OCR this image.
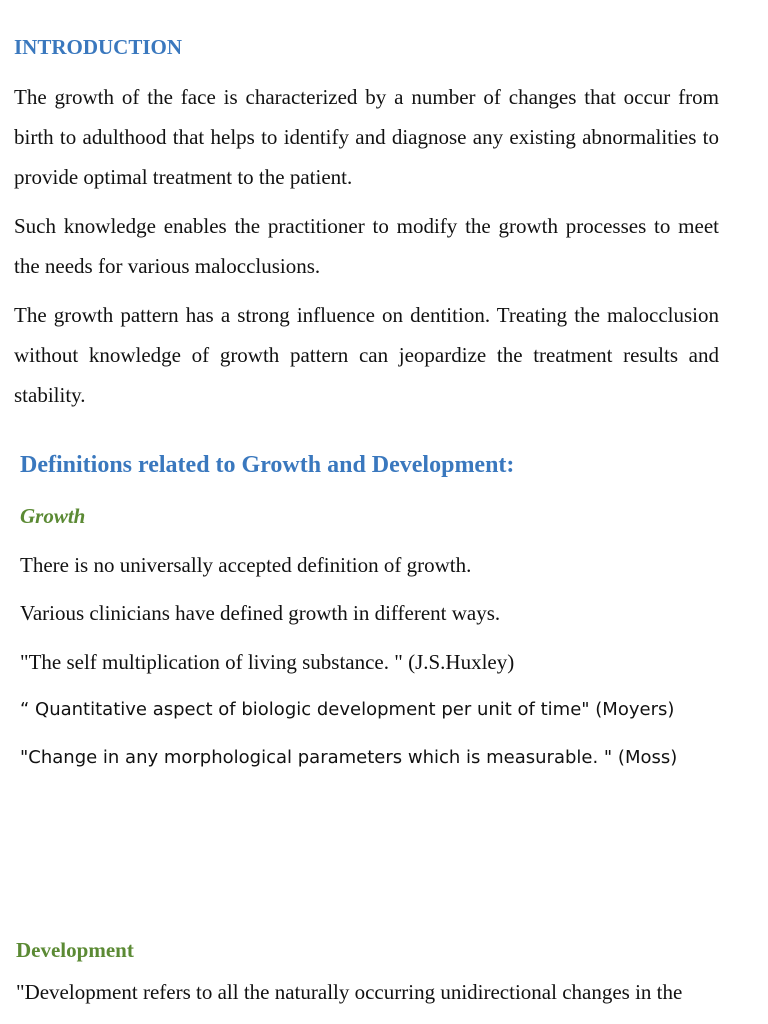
INTRODUCTION

The growth of the face is characterized by a number of changes that occur from birth to adulthood that helps to identify and diagnose any existing abnormalities to provide optimal treatment to the patient.

Such knowledge enables the practitioner to modify the growth processes to meet the needs for various malocclusions.

The growth pattern has a strong influence on dentition. Treating the malocclusion without knowledge of growth pattern can jeopardize the treatment results and stability.

Definitions related to Growth and Development:
Growth
There is no universally accepted definition of growth.
Various clinicians have defined growth in different ways.
"The self multiplication of living substance. " (J.S.Huxley)
“ Quantitative aspect of biologic development per unit of time" (Moyers)
"Change in any morphological parameters which is measurable. " (Moss)
Development

"Development refers to all the naturally occurring unidirectional changes in the
